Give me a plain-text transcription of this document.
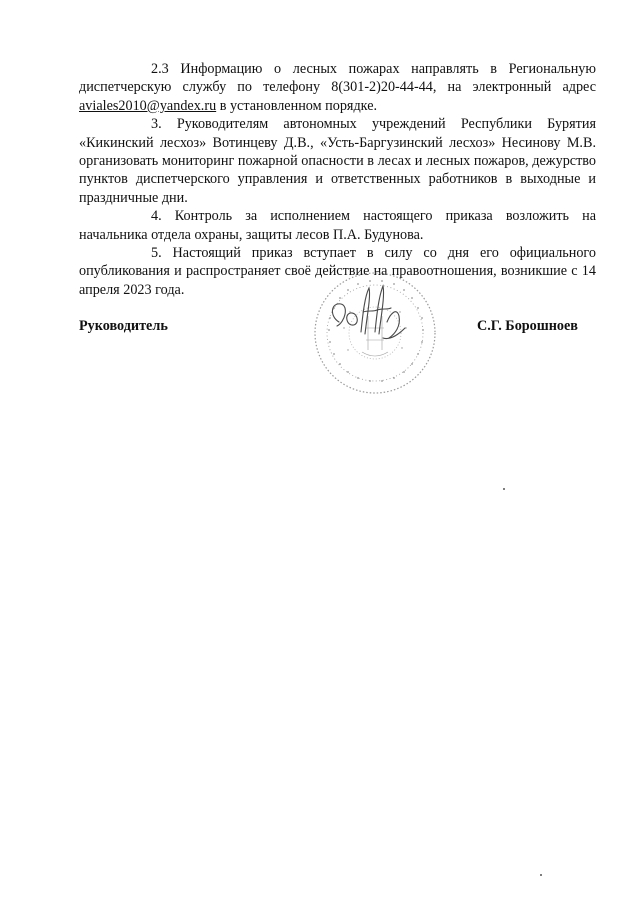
2.3 Информацию о лесных пожарах направлять в Региональную диспетчерскую службу по телефону 8(301-2)20-44-44, на электронный адрес aviales2010@yandex.ru в установленном порядке.

3. Руководителям автономных учреждений Республики Бурятия «Кикинский лесхоз» Вотинцеву Д.В., «Усть-Баргузинский лесхоз» Несинову М.В. организовать мониторинг пожарной опасности в лесах и лесных пожаров, дежурство пунктов диспетчерского управления и ответственных работников в выходные и праздничные дни.

4. Контроль за исполнением настоящего приказа возложить на начальника отдела охраны, защиты лесов П.А. Будунова.

5. Настоящий приказ вступает в силу со дня его официального опубликования и распространяет своё действие на правоотношения, возникшие с 14 апреля 2023 года.

Руководитель	С.Г. Борошноев
